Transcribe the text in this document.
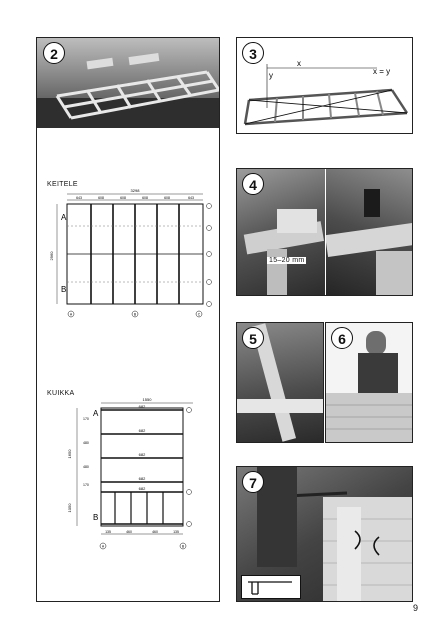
2
KEITELE
3298
643	608	608	608	608	643
2960
A
B
A	B	C
KUIKKA
1550
682
682
682
682
682
A
B
170
480
480
170
1650
1050
135	460	460	135
A	B
x
y	x = y
3
15–20 mm
4
5	6
7
9
